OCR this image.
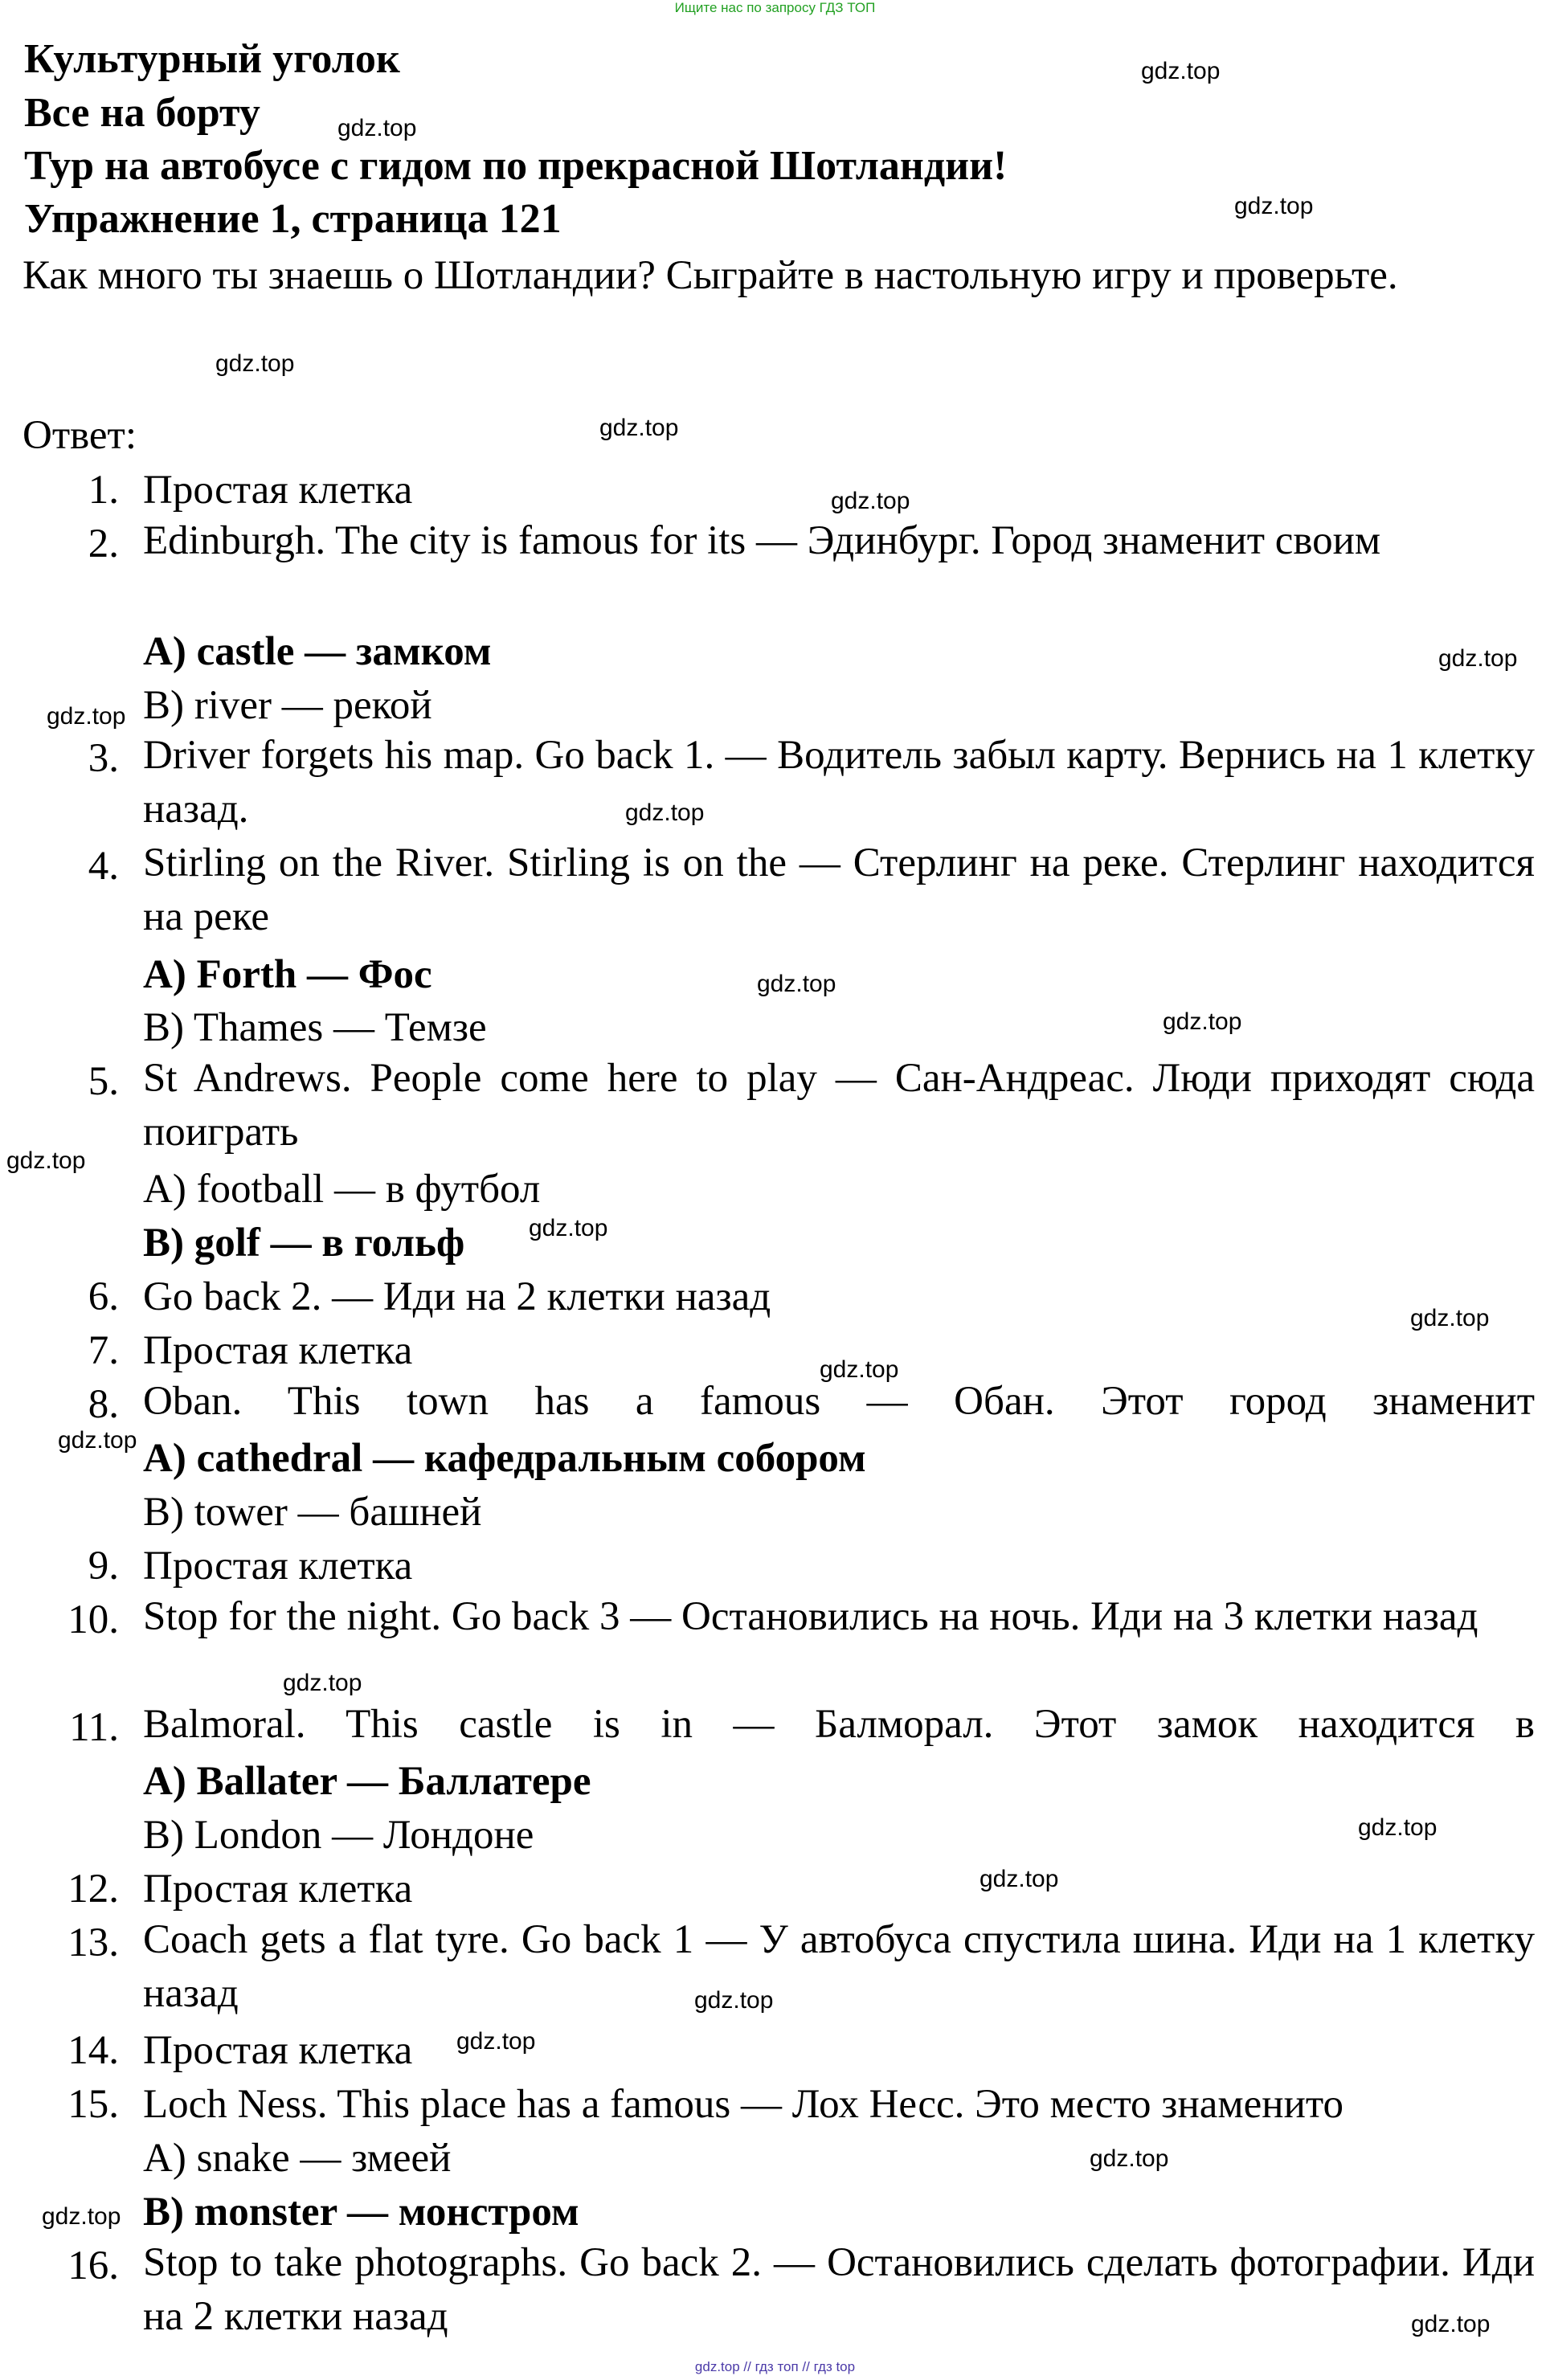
Ищите нас по запросу ГДЗ ТОП
Культурный уголок
Все на борту
Тур на автобусе с гидом по прекрасной Шотландии!
Упражнение 1, страница 121
Как много ты знаешь о Шотландии? Сыграйте в настольную игру и проверьте.
Ответ:
1. Простая клетка
2. Edinburgh. The city is famous for its — Эдинбург. Город знаменит своим
A) castle — замком
B) river — рекой
3. Driver forgets his map. Go back 1. — Водитель забыл карту. Вернись на 1 клетку назад.
4. Stirling on the River. Stirling is on the — Стерлинг на реке. Стерлинг находится на реке
A) Forth — Фос
B) Thames — Темзе
5. St Andrews. People come here to play — Сан-Андреас. Люди приходят сюда поиграть
A) football — в футбол
B) golf — в гольф
6. Go back 2. — Иди на 2 клетки назад
7. Простая клетка
8. Oban. This town has a famous — Обан. Этот город знаменит
A) cathedral — кафедральным собором
B) tower — башней
9. Простая клетка
10. Stop for the night. Go back 3 — Остановились на ночь. Иди на 3 клетки назад
11. Balmoral. This castle is in — Балморал. Этот замок находится в
A) Ballater — Баллатере
B) London — Лондоне
12. Простая клетка
13. Coach gets a flat tyre. Go back 1 — У автобуса спустила шина. Иди на 1 клетку назад
14. Простая клетка
15. Loch Ness. This place has a famous — Лох Несс. Это место знаменито
A) snake — змеей
B) monster — монстром
16. Stop to take photographs. Go back 2. — Остановились сделать фотографии. Иди на 2 клетки назад
gdz.top
gdz.top
gdz.top
gdz.top
gdz.top
gdz.top
gdz.top
gdz.top
gdz.top
gdz.top
gdz.top
gdz.top
gdz.top
gdz.top
gdz.top
gdz.top
gdz.top
gdz.top
gdz.top
gdz.top
gdz.top
gdz.top
gdz.top
gdz.top
gdz.top // гдз топ // гдз top
